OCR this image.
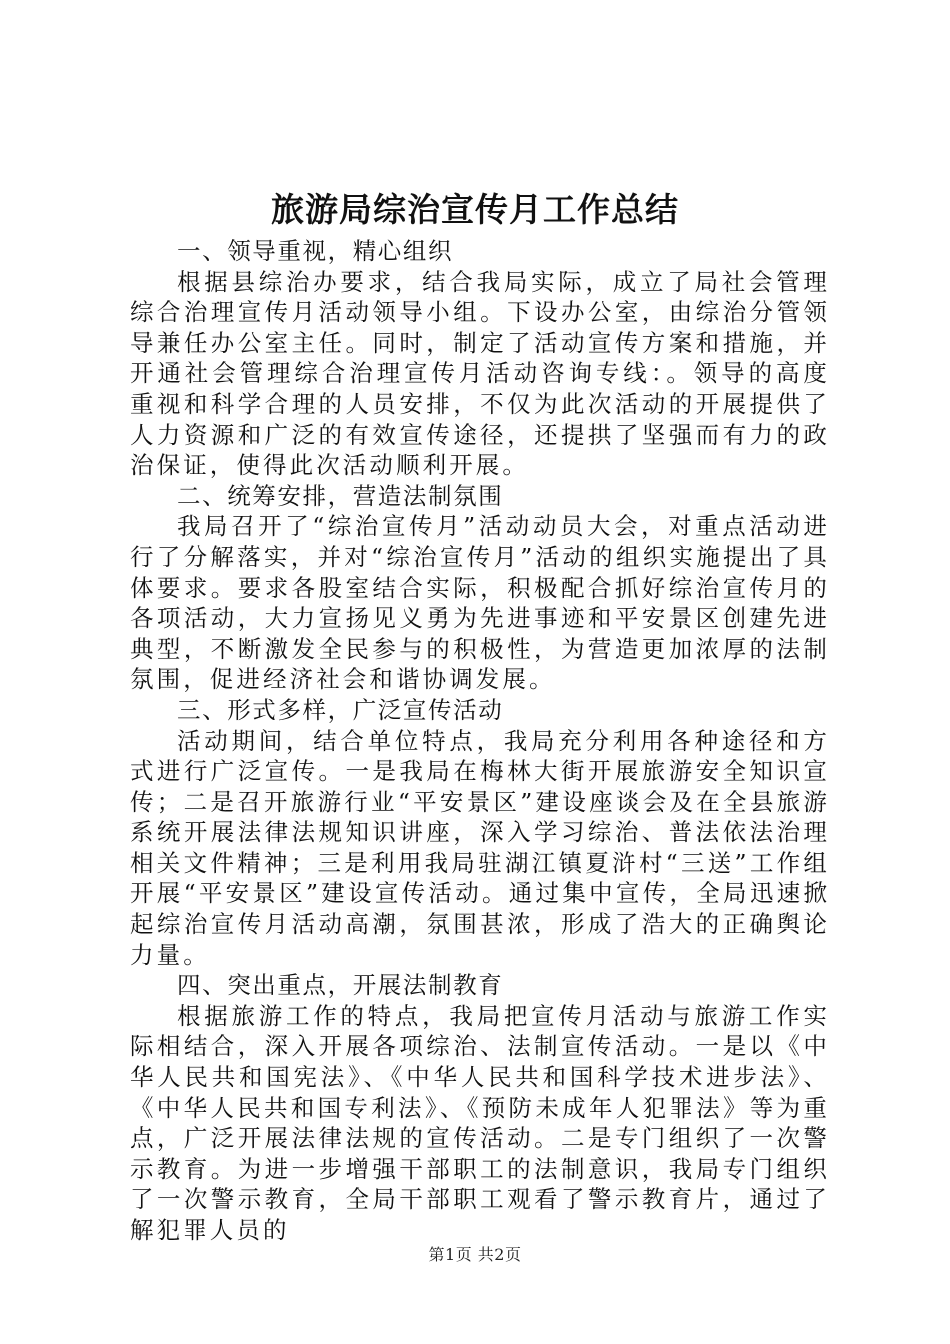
旅游局综治宣传月工作总结

一、领导重视，精心组织

根据县综治办要求，结合我局实际，成立了局社会管理综合治理宣传月活动领导小组。下设办公室，由综治分管领导兼任办公室主任。同时，制定了活动宣传方案和措施，并开通社会管理综合治理宣传月活动咨询专线：。领导的高度重视和科学合理的人员安排，不仅为此次活动的开展提供了人力资源和广泛的有效宣传途径，还提拱了坚强而有力的政治保证，使得此次活动顺利开展。

二、统筹安排，营造法制氛围

我局召开了“综治宣传月”活动动员大会，对重点活动进行了分解落实，并对“综治宣传月”活动的组织实施提出了具体要求。要求各股室结合实际，积极配合抓好综治宣传月的各项活动，大力宣扬见义勇为先进事迹和平安景区创建先进典型，不断激发全民参与的积极性，为营造更加浓厚的法制氛围，促进经济社会和谐协调发展。

三、形式多样，广泛宣传活动

活动期间，结合单位特点，我局充分利用各种途径和方式进行广泛宣传。一是我局在梅林大街开展旅游安全知识宣传；二是召开旅游行业“平安景区”建设座谈会及在全县旅游系统开展法律法规知识讲座，深入学习综治、普法依法治理相关文件精神；三是利用我局驻湖江镇夏浒村“三送”工作组开展“平安景区”建设宣传活动。通过集中宣传，全局迅速掀起综治宣传月活动高潮，氛围甚浓，形成了浩大的正确舆论力量。

四、突出重点，开展法制教育

根据旅游工作的特点，我局把宣传月活动与旅游工作实际相结合，深入开展各项综治、法制宣传活动。一是以《中华人民共和国宪法》、《中华人民共和国科学技术进步法》、《中华人民共和国专利法》、《预防未成年人犯罪法》等为重点，广泛开展法律法规的宣传活动。二是专门组织了一次警示教育。为进一步增强干部职工的法制意识，我局专门组织了一次警示教育，全局干部职工观看了警示教育片，通过了解犯罪人员的

第1页 共2页
